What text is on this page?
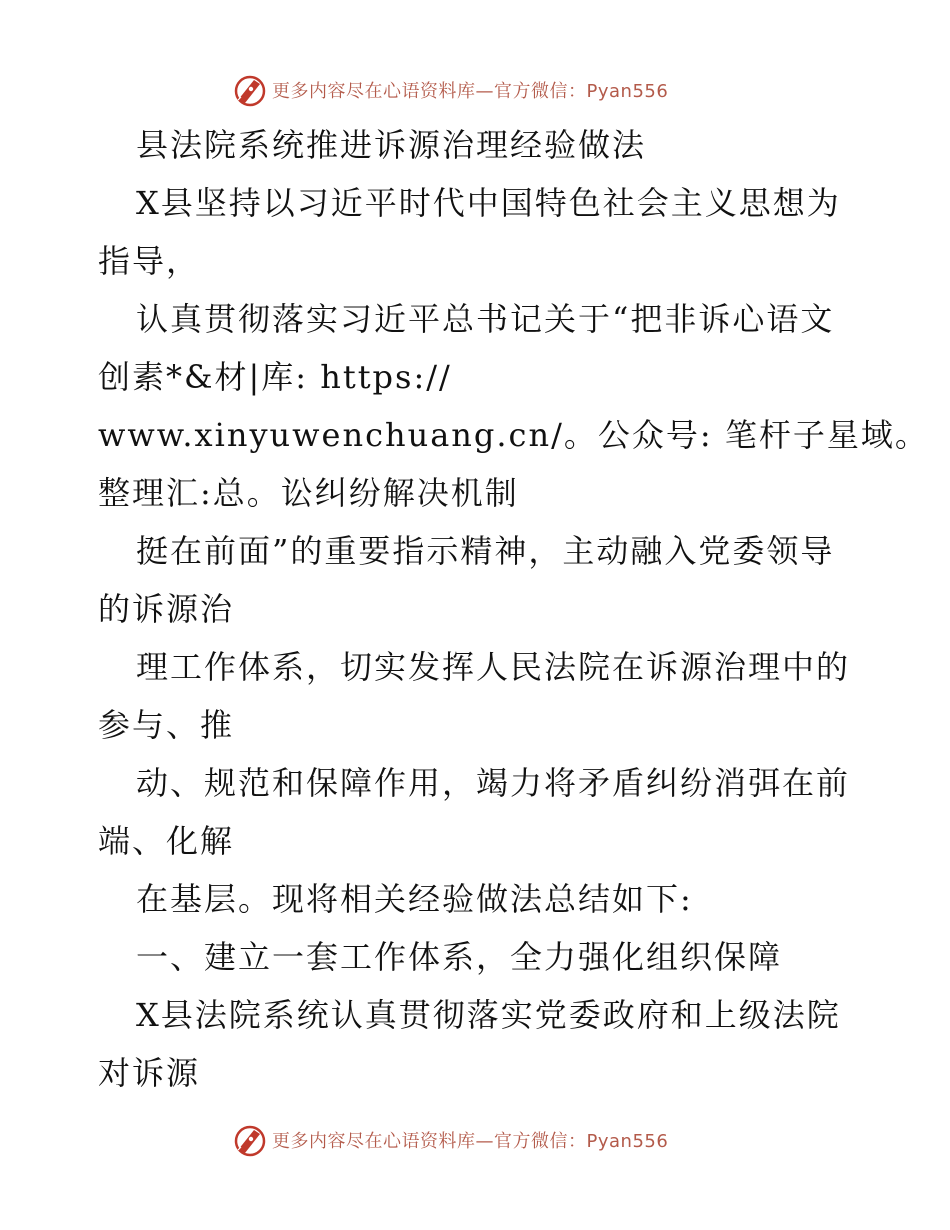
更多内容尽在心语资料库—官方微信：Pyan556
县法院系统推进诉源治理经验做法
X县坚持以习近平时代中国特色社会主义思想为
指导，
认真贯彻落实习近平总书记关于“把非诉心语文
创素*&材|库: https://
www.xinyuwenchuang.cn/。公众号: 笔杆子星域。
整理汇:总。讼纠纷解决机制
挺在前面”的重要指示精神，主动融入党委领导
的诉源治
理工作体系，切实发挥人民法院在诉源治理中的
参与、推
动、规范和保障作用，竭力将矛盾纠纷消弭在前
端、化解
在基层。现将相关经验做法总结如下:
一、建立一套工作体系，全力强化组织保障
X县法院系统认真贯彻落实党委政府和上级法院
对诉源
更多内容尽在心语资料库—官方微信：Pyan556
